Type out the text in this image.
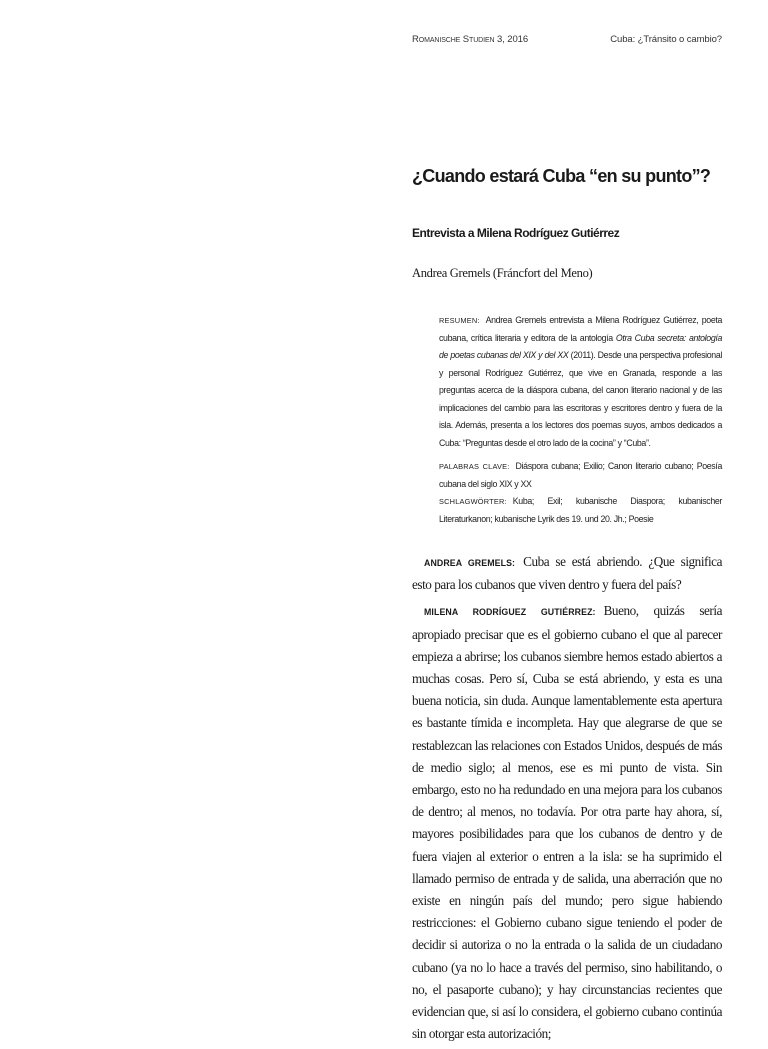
Romanische Studien 3, 2016	Cuba: ¿Tránsito o cambio?
¿Cuando estará Cuba “en su punto”?
Entrevista a Milena Rodríguez Gutiérrez
Andrea Gremels (Fráncfort del Meno)

RESUMEN: Andrea Gremels entrevista a Milena Rodríguez Gutiérrez, poeta cubana, crítica literaria y editora de la antología Otra Cuba secreta: antología de poetas cubanas del XIX y del XX (2011). Desde una perspectiva profesional y personal Rodríguez Gutiérrez, que vive en Granada, responde a las preguntas acerca de la diáspora cubana, del canon literario nacional y de las implicaciones del cambio para las escritoras y escritores dentro y fuera de la isla. Además, presenta a los lectores dos poemas suyos, ambos dedicados a Cuba: “Preguntas desde el otro lado de la cocina” y “Cuba”.

PALABRAS CLAVE: Diáspora cubana; Exilio; Canon literario cubano; Poesía cubana del siglo XIX y XX

SCHLAGWÖRTER: Kuba; Exil; kubanische Diaspora; kubanischer Literaturkanon; kubanische Lyrik des 19. und 20. Jh.; Poesie

ANDREA GREMELS: Cuba se está abriendo. ¿Que significa esto para los cubanos que viven dentro y fuera del país?

MILENA RODRÍGUEZ GUTIÉRREZ: Bueno, quizás sería apropiado precisar que es el gobierno cubano el que al parecer empieza a abrirse; los cubanos siembre hemos estado abiertos a muchas cosas. Pero sí, Cuba se está abriendo, y esta es una buena noticia, sin duda. Aunque lamentablemente esta apertura es bastante tímida e incompleta. Hay que alegrarse de que se restablezcan las relaciones con Estados Unidos, después de más de medio siglo; al menos, ese es mi punto de vista. Sin embargo, esto no ha redundado en una mejora para los cubanos de dentro; al menos, no todavía. Por otra parte hay ahora, sí, mayores posibilidades para que los cubanos de dentro y de fuera viajen al exterior o entren a la isla: se ha suprimido el llamado permiso de entrada y de salida, una aberración que no existe en ningún país del mundo; pero sigue habiendo restricciones: el Gobierno cubano sigue teniendo el poder de decidir si autoriza o no la entrada o la salida de un ciudadano cubano (ya no lo hace a través del permiso, sino habilitando, o no, el pasaporte cubano); y hay circunstancias recientes que evidencian que, si así lo considera, el gobierno cubano continúa sin otorgar esta autorización;
